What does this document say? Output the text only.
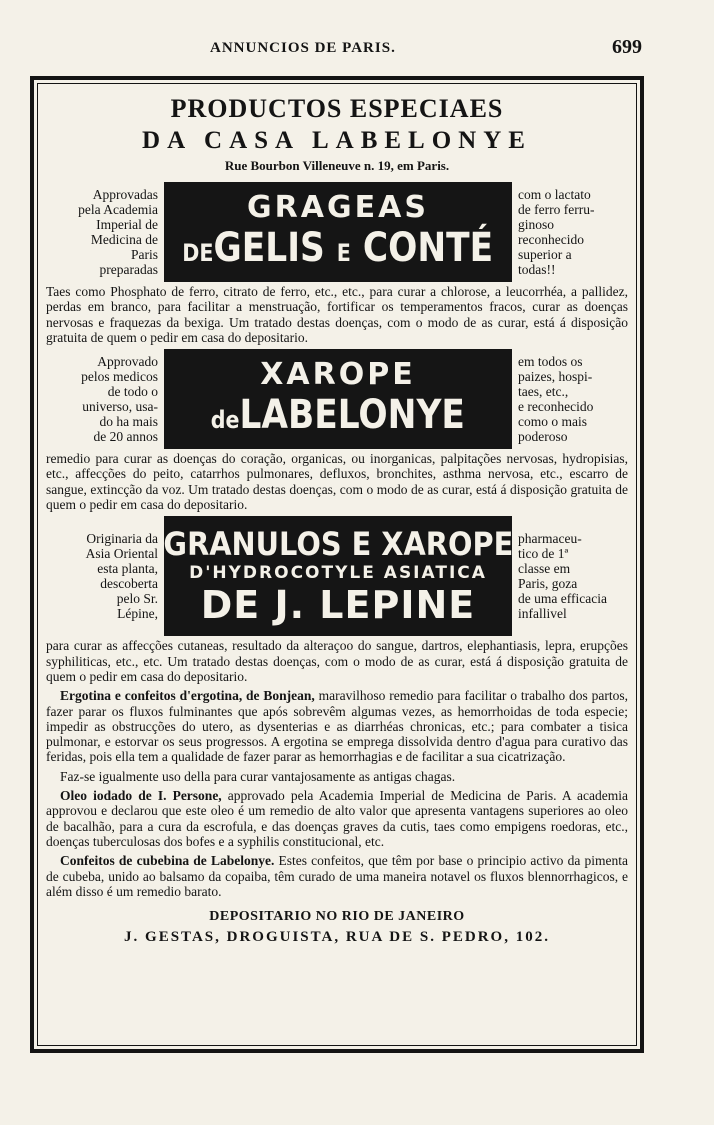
ANNUNCIOS DE PARIS.	699
PRODUCTOS ESPECIAES
DA CASA LABELONYE
Rue Bourbon Villeneuve n. 19, em Paris.
Approvadas
pela Academia
Imperial de
Medicina de
Paris
preparadas
GRAGEAS
DEGELIS E CONTÉ
com o lactato
de ferro ferru-
ginoso
reconhecido
superior a
todas!!
Taes como Phosphato de ferro, citrato de ferro, etc., etc., para curar a chlorose, a leucorrhéa, a pallidez, perdas em branco, para facilitar a menstruação, fortificar os temperamentos fracos, curar as doenças nervosas e fraquezas da bexiga. Um tratado destas doenças, com o modo de as curar, está á disposição gratuita de quem o pedir em casa do depositario.
Approvado
pelos medicos
de todo o
universo, usa-
do ha mais
de 20 annos
XAROPE
deLABELONYE
em todos os
paizes, hospi-
taes, etc.,
e reconhecido
como o mais
poderoso
remedio para curar as doenças do coração, organicas, ou inorganicas, palpitações nervosas, hydropisias, etc., affecções do peito, catarrhos pulmonares, defluxos, bronchites, asthma nervosa, etc., escarro de sangue, extincção da voz. Um tratado destas doenças, com o modo de as curar, está á disposição gratuita de quem o pedir em casa do depositario.
Originaria da
Asia Oriental
esta planta,
descoberta
pelo Sr.
Lépine,
GRANULOS E XAROPE
D'HYDROCOTYLE ASIATICA
DE J. LEPINE
pharmaceu-
tico de 1ª
classe em
Paris, goza
de uma efficacia
infallivel
para curar as affecções cutaneas, resultado da alteraçoo do sangue, dartros, elephantiasis, lepra, erupções syphiliticas, etc., etc. Um tratado destas doenças, com o modo de as curar, está á disposição gratuita de quem o pedir em casa do depositario.
Ergotina e confeitos d'ergotina, de Bonjean, maravilhoso remedio para facilitar o trabalho dos partos, fazer parar os fluxos fulminantes que após sobrevêm algumas vezes, as hemorrhoidas de toda especie; impedir as obstrucções do utero, as dysenterias e as diarrhéas chronicas, etc.; para combater a tisica pulmonar, e estorvar os seus progressos. A ergotina se emprega dissolvida dentro d'agua para curativo das feridas, pois ella tem a qualidade de fazer parar as hemorrhagias e de facilitar a sua cicatrização.
Faz-se igualmente uso della para curar vantajosamente as antigas chagas.
Oleo iodado de I. Persone, approvado pela Academia Imperial de Medicina de Paris. A academia approvou e declarou que este oleo é um remedio de alto valor que apresenta vantagens superiores ao oleo de bacalhão, para a cura da escrofula, e das doenças graves da cutis, taes como empigens roedoras, etc., doenças tuberculosas dos bofes e a syphilis constitucional, etc.
Confeitos de cubebina de Labelonye. Estes confeitos, que têm por base o principio activo da pimenta de cubeba, unido ao balsamo da copaiba, têm curado de uma maneira notavel os fluxos blennorrhagicos, e além disso é um remedio barato.
DEPOSITARIO NO RIO DE JANEIRO
J. GESTAS, DROGUISTA, RUA DE S. PEDRO, 102.
